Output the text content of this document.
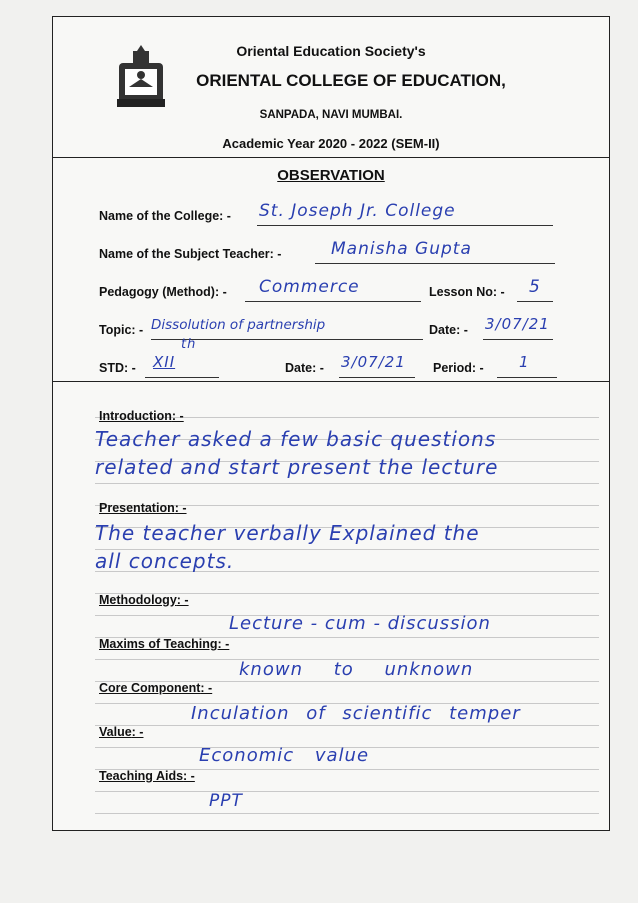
Oriental Education Society's
ORIENTAL COLLEGE OF EDUCATION,
SANPADA, NAVI MUMBAI.
Academic Year 2020 - 2022 (SEM-II)
OBSERVATION
Name of the College: - St. Joseph Jr. College
Name of the Subject Teacher: -	Manisha Gupta
Pedagogy (Method): - Commerce	Lesson No: - 5
Topic: - Dissolution of partnership	Date: - 3/07/21
STD: - XII
th
Date: - 3/07/21 Period: - 1
Introduction: -
Teacher asked a few basic questions
related and start present the lecture
Presentation: -
The teacher verbally Explained the
all concepts.
Methodology: -
Lecture - cum - discussion
Maxims of Teaching: -
known to unknown
Core Component: -
Inculation of scientific temper
Value: -
Economic value
Teaching Aids: -
PPT
